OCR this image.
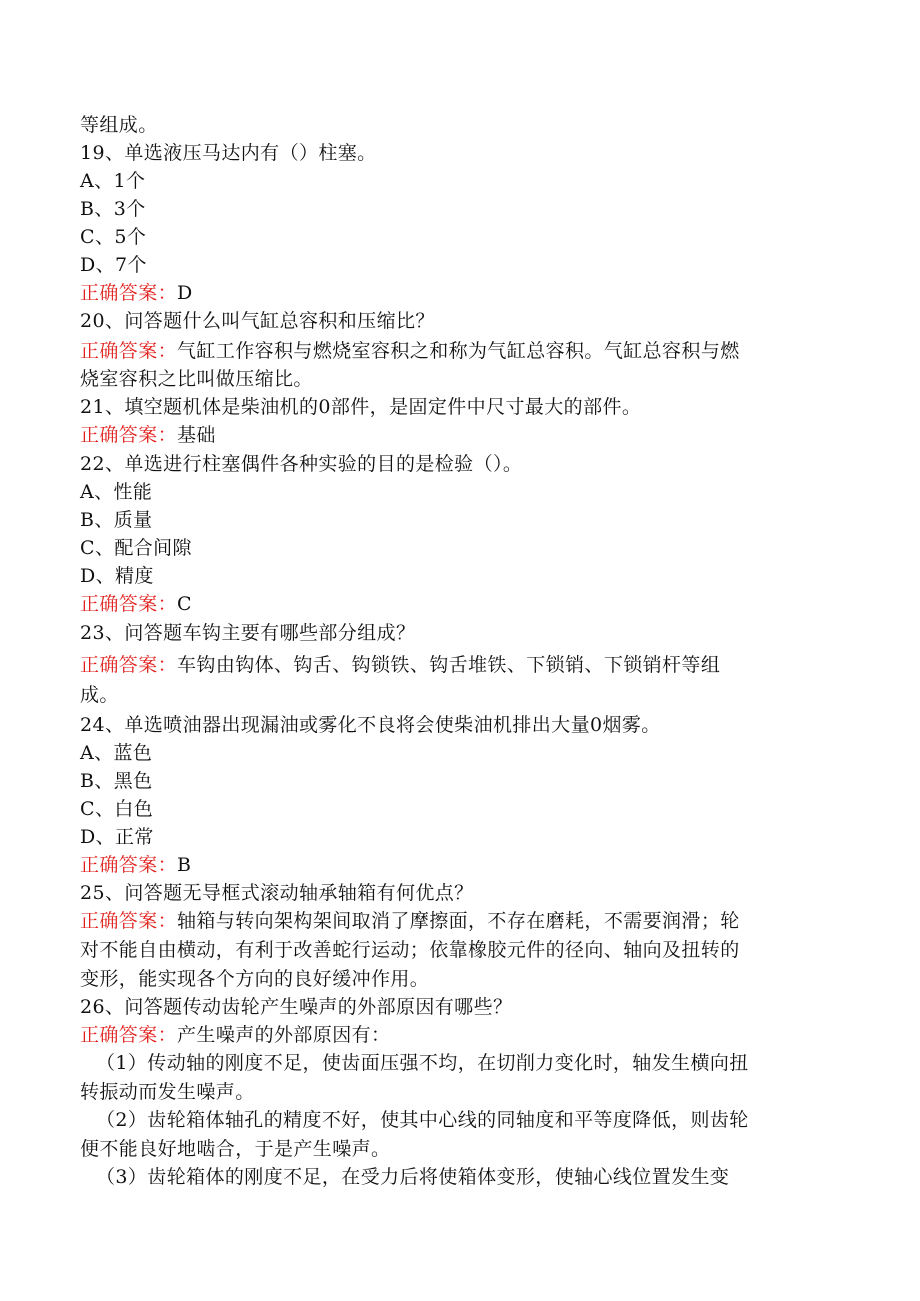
等组成。
19、单选液压马达内有（）柱塞。
A、1个
B、3个
C、5个
D、7个
正确答案：D
20、问答题什么叫气缸总容积和压缩比？
正确答案：气缸工作容积与燃烧室容积之和称为气缸总容积。气缸总容积与燃
烧室容积之比叫做压缩比。
21、填空题机体是柴油机的0部件，是固定件中尺寸最大的部件。
正确答案：基础
22、单选进行柱塞偶件各种实验的目的是检验（）。
A、性能
B、质量
C、配合间隙
D、精度
正确答案：C
23、问答题车钩主要有哪些部分组成？
正确答案：车钩由钩体、钩舌、钩锁铁、钩舌堆铁、下锁销、下锁销杆等组
成。
24、单选喷油器出现漏油或雾化不良将会使柴油机排出大量0烟雾。
A、蓝色
B、黑色
C、白色
D、正常
正确答案：B
25、问答题无导框式滚动轴承轴箱有何优点？
正确答案：轴箱与转向架构架间取消了摩擦面，不存在磨耗，不需要润滑；轮
对不能自由横动，有利于改善蛇行运动；依靠橡胶元件的径向、轴向及扭转的
变形，能实现各个方向的良好缓冲作用。
26、问答题传动齿轮产生噪声的外部原因有哪些？
正确答案：产生噪声的外部原因有：
（1）传动轴的刚度不足，使齿面压强不均，在切削力变化时，轴发生横向扭
转振动而发生噪声。
（2）齿轮箱体轴孔的精度不好，使其中心线的同轴度和平等度降低，则齿轮
便不能良好地啮合，于是产生噪声。
（3）齿轮箱体的刚度不足，在受力后将使箱体变形，使轴心线位置发生变
